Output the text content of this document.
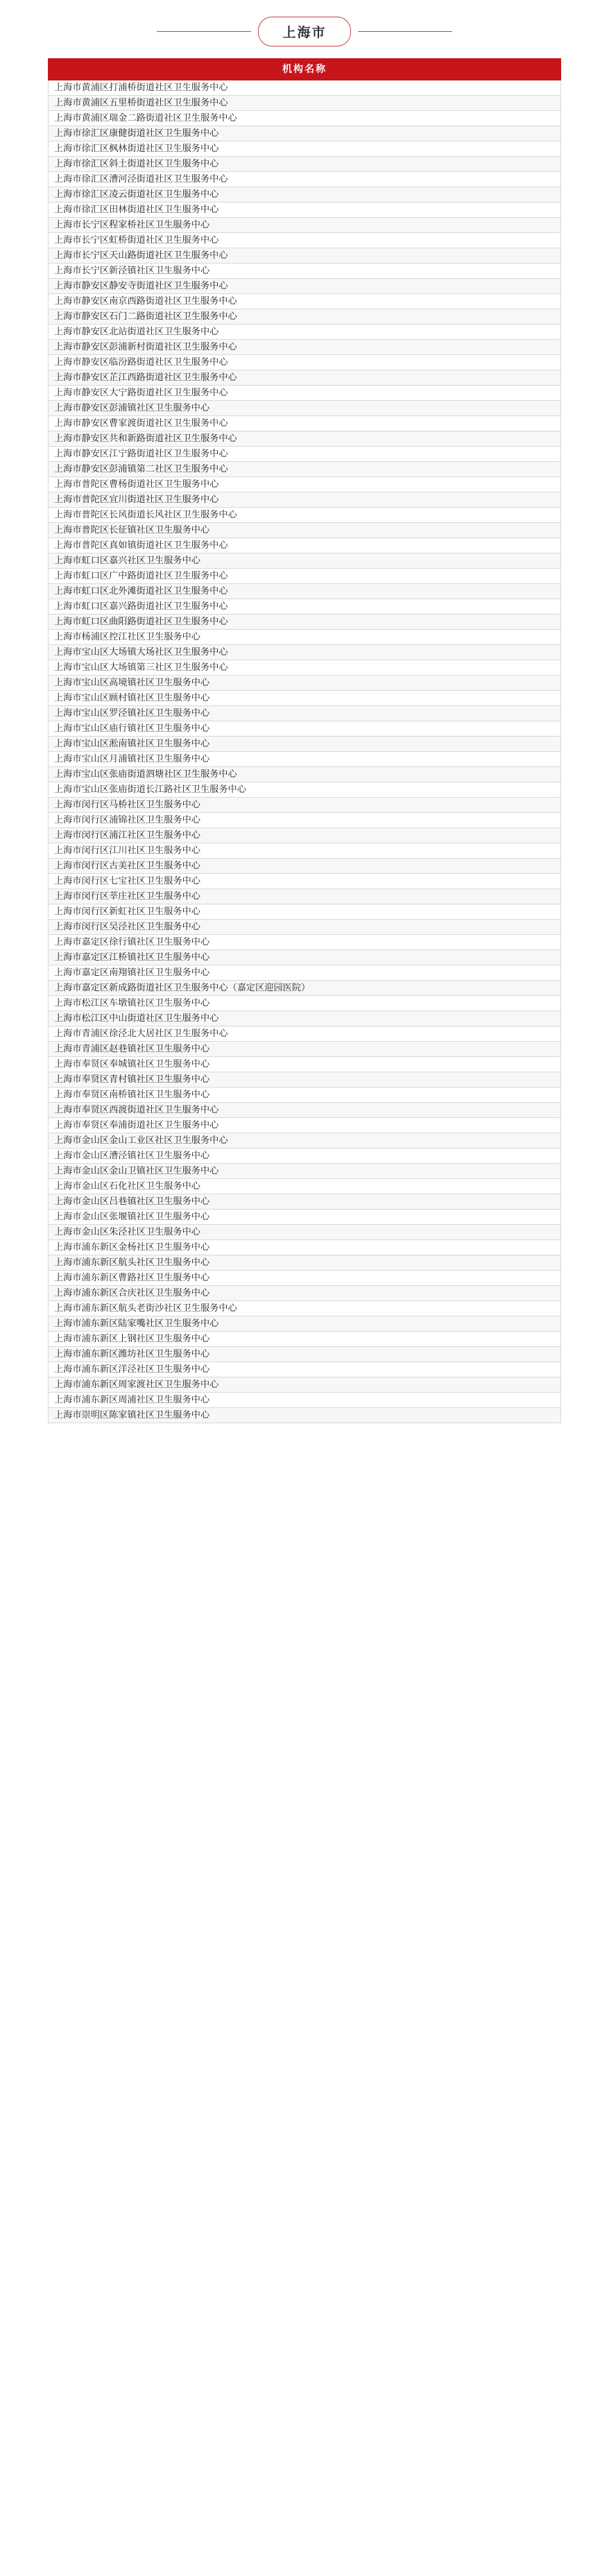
上海市
机构名称
上海市黄浦区打浦桥街道社区卫生服务中心
上海市黄浦区五里桥街道社区卫生服务中心
上海市黄浦区瑞金二路街道社区卫生服务中心
上海市徐汇区康健街道社区卫生服务中心
上海市徐汇区枫林街道社区卫生服务中心
上海市徐汇区斜土街道社区卫生服务中心
上海市徐汇区漕河泾街道社区卫生服务中心
上海市徐汇区凌云街道社区卫生服务中心
上海市徐汇区田林街道社区卫生服务中心
上海市长宁区程家桥社区卫生服务中心
上海市长宁区虹桥街道社区卫生服务中心
上海市长宁区天山路街道社区卫生服务中心
上海市长宁区新泾镇社区卫生服务中心
上海市静安区静安寺街道社区卫生服务中心
上海市静安区南京西路街道社区卫生服务中心
上海市静安区石门二路街道社区卫生服务中心
上海市静安区北站街道社区卫生服务中心
上海市静安区彭浦新村街道社区卫生服务中心
上海市静安区临汾路街道社区卫生服务中心
上海市静安区芷江西路街道社区卫生服务中心
上海市静安区大宁路街道社区卫生服务中心
上海市静安区彭浦镇社区卫生服务中心
上海市静安区曹家渡街道社区卫生服务中心
上海市静安区共和新路街道社区卫生服务中心
上海市静安区江宁路街道社区卫生服务中心
上海市静安区彭浦镇第二社区卫生服务中心
上海市普陀区曹杨街道社区卫生服务中心
上海市普陀区宜川街道社区卫生服务中心
上海市普陀区长风街道长风社区卫生服务中心
上海市普陀区长征镇社区卫生服务中心
上海市普陀区真如镇街道社区卫生服务中心
上海市虹口区嘉兴社区卫生服务中心
上海市虹口区广中路街道社区卫生服务中心
上海市虹口区北外滩街道社区卫生服务中心
上海市虹口区嘉兴路街道社区卫生服务中心
上海市虹口区曲阳路街道社区卫生服务中心
上海市杨浦区控江社区卫生服务中心
上海市宝山区大场镇大场社区卫生服务中心
上海市宝山区大场镇第三社区卫生服务中心
上海市宝山区高境镇社区卫生服务中心
上海市宝山区顾村镇社区卫生服务中心
上海市宝山区罗泾镇社区卫生服务中心
上海市宝山区庙行镇社区卫生服务中心
上海市宝山区淞南镇社区卫生服务中心
上海市宝山区月浦镇社区卫生服务中心
上海市宝山区张庙街道泗塘社区卫生服务中心
上海市宝山区张庙街道长江路社区卫生服务中心
上海市闵行区马桥社区卫生服务中心
上海市闵行区浦锦社区卫生服务中心
上海市闵行区浦江社区卫生服务中心
上海市闵行区江川社区卫生服务中心
上海市闵行区古美社区卫生服务中心
上海市闵行区七宝社区卫生服务中心
上海市闵行区莘庄社区卫生服务中心
上海市闵行区新虹社区卫生服务中心
上海市闵行区吴泾社区卫生服务中心
上海市嘉定区徐行镇社区卫生服务中心
上海市嘉定区江桥镇社区卫生服务中心
上海市嘉定区南翔镇社区卫生服务中心
上海市嘉定区新成路街道社区卫生服务中心（嘉定区迎园医院）
上海市松江区车墩镇社区卫生服务中心
上海市松江区中山街道社区卫生服务中心
上海市青浦区徐泾北大居社区卫生服务中心
上海市青浦区赵巷镇社区卫生服务中心
上海市奉贤区奉城镇社区卫生服务中心
上海市奉贤区青村镇社区卫生服务中心
上海市奉贤区南桥镇社区卫生服务中心
上海市奉贤区西渡街道社区卫生服务中心
上海市奉贤区奉浦街道社区卫生服务中心
上海市金山区金山工业区社区卫生服务中心
上海市金山区漕泾镇社区卫生服务中心
上海市金山区金山卫镇社区卫生服务中心
上海市金山区石化社区卫生服务中心
上海市金山区吕巷镇社区卫生服务中心
上海市金山区张堰镇社区卫生服务中心
上海市金山区朱泾社区卫生服务中心
上海市浦东新区金杨社区卫生服务中心
上海市浦东新区航头社区卫生服务中心
上海市浦东新区曹路社区卫生服务中心
上海市浦东新区合庆社区卫生服务中心
上海市浦东新区航头老街沙社区卫生服务中心
上海市浦东新区陆家嘴社区卫生服务中心
上海市浦东新区上钢社区卫生服务中心
上海市浦东新区潍坊社区卫生服务中心
上海市浦东新区洋泾社区卫生服务中心
上海市浦东新区周家渡社区卫生服务中心
上海市浦东新区周浦社区卫生服务中心
上海市崇明区陈家镇社区卫生服务中心
